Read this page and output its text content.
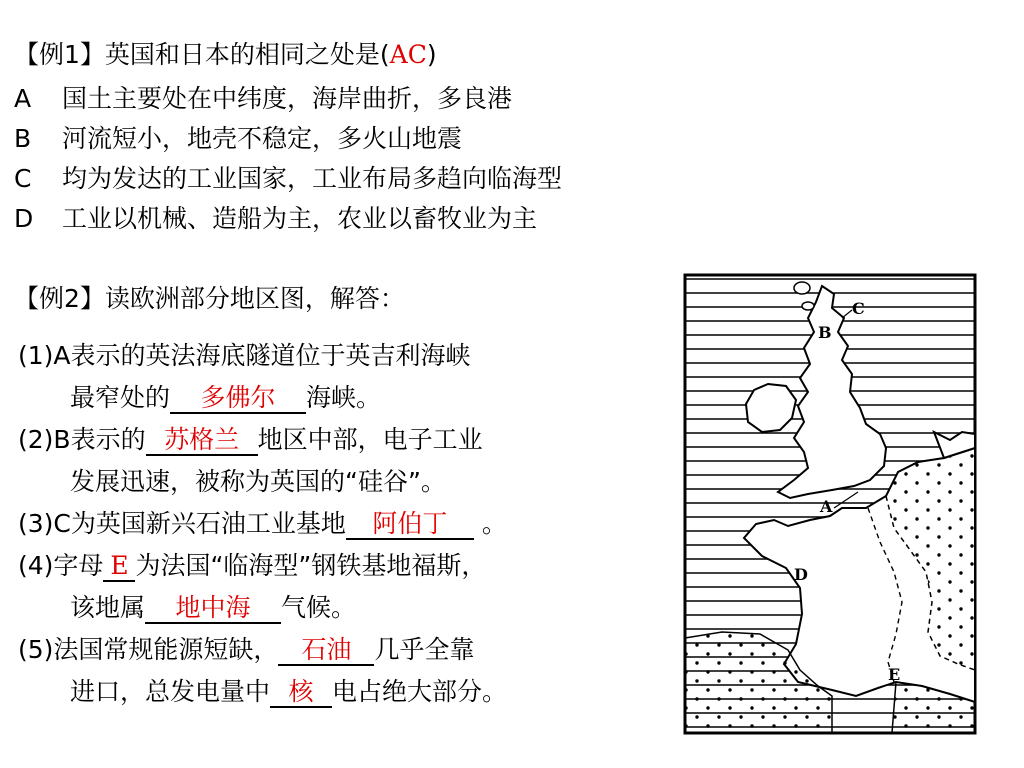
【例1】英国和日本的相同之处是(AC)
A 国土主要处在中纬度，海岸曲折，多良港
B 河流短小，地壳不稳定，多火山地震
C 均为发达的工业国家，工业布局多趋向临海型
D 工业以机械、造船为主，农业以畜牧业为主
【例2】读欧洲部分地区图，解答：
(1)A表示的英法海底隧道位于英吉利海峡
最窄处的 多佛尔 海峡。
(2)B表示的 苏格兰 地区中部，电子工业
发展迅速，被称为英国的“硅谷”。
(3)C为英国新兴石油工业基地 阿伯丁 。
(4)字母 E 为法国“临海型”钢铁基地福斯，
该地属 地中海 气候。
(5)法国常规能源短缺， 石油 几乎全靠
进口，总发电量中 核 电占绝大部分。
C
B
A
D
E
